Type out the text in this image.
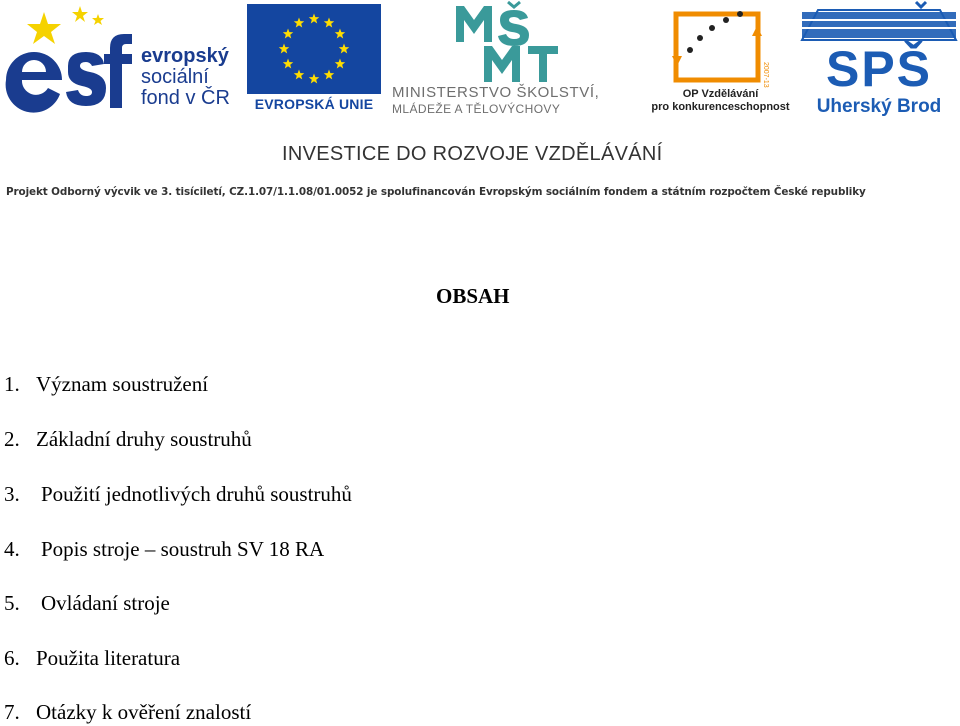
evropský
sociální
fond v ČR	EVROPSKÁ UNIE
MINISTERSTVO ŠKOLSTVÍ,
MLÁDEŽE A TĚLOVÝCHOVY
2007-13
OP Vzdělávání
pro konkurenceschopnost
SPŠ
Uherský Brod
INVESTICE DO ROZVOJE VZDĚLÁVÁNÍ
Projekt Odborný výcvik ve 3. tisíciletí, CZ.1.07/1.1.08/01.0052 je spolufinancován Evropským sociálním fondem a státním rozpočtem České republiky
OBSAH
1. Význam soustružení
2. Základní druhy soustruhů
3. Použití jednotlivých druhů soustruhů
4. Popis stroje – soustruh SV 18 RA
5. Ovládaní stroje
6. Použita literatura
7. Otázky k ověření znalostí
